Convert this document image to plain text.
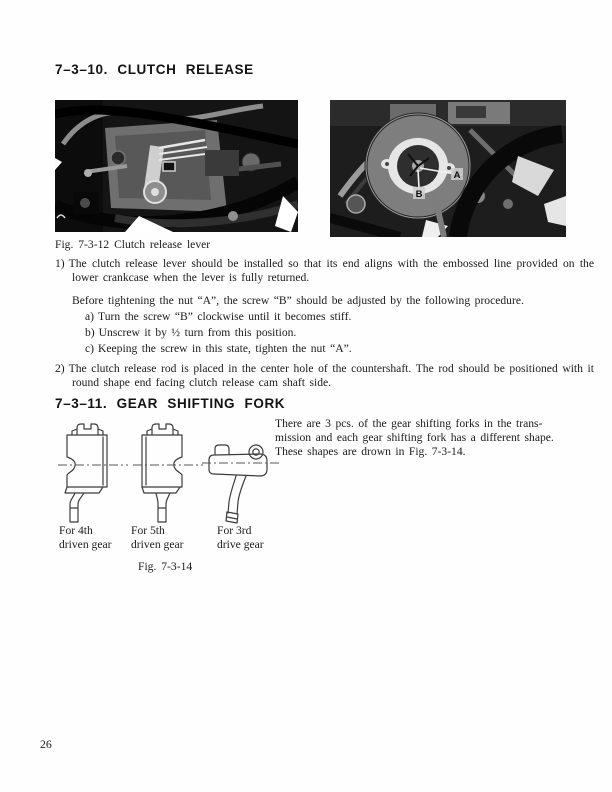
7–3–10. CLUTCH RELEASE
A
B
Fig. 7-3-12 Clutch release lever
1) The clutch release lever should be installed so that its end aligns with the embossed line provided on the lower crankcase when the lever is fully returned.
Before tightening the nut “A”, the screw “B” should be adjusted by the following procedure.
a) Turn the screw “B” clockwise until it becomes stiff.
b) Unscrew it by ½ turn from this position.
c) Keeping the screw in this state, tighten the nut “A”.
2) The clutch release rod is placed in the center hole of the countershaft. The rod should be positioned with it round shape end facing clutch release cam shaft side.
7–3–11. GEAR SHIFTING FORK
There are 3 pcs. of the gear shifting forks in the trans-
mission and each gear shifting fork has a different shape.
These shapes are drown in Fig. 7-3-14.
For 4th
driven gear
For 5th
driven gear
For 3rd
drive gear
Fig. 7-3-14
26
